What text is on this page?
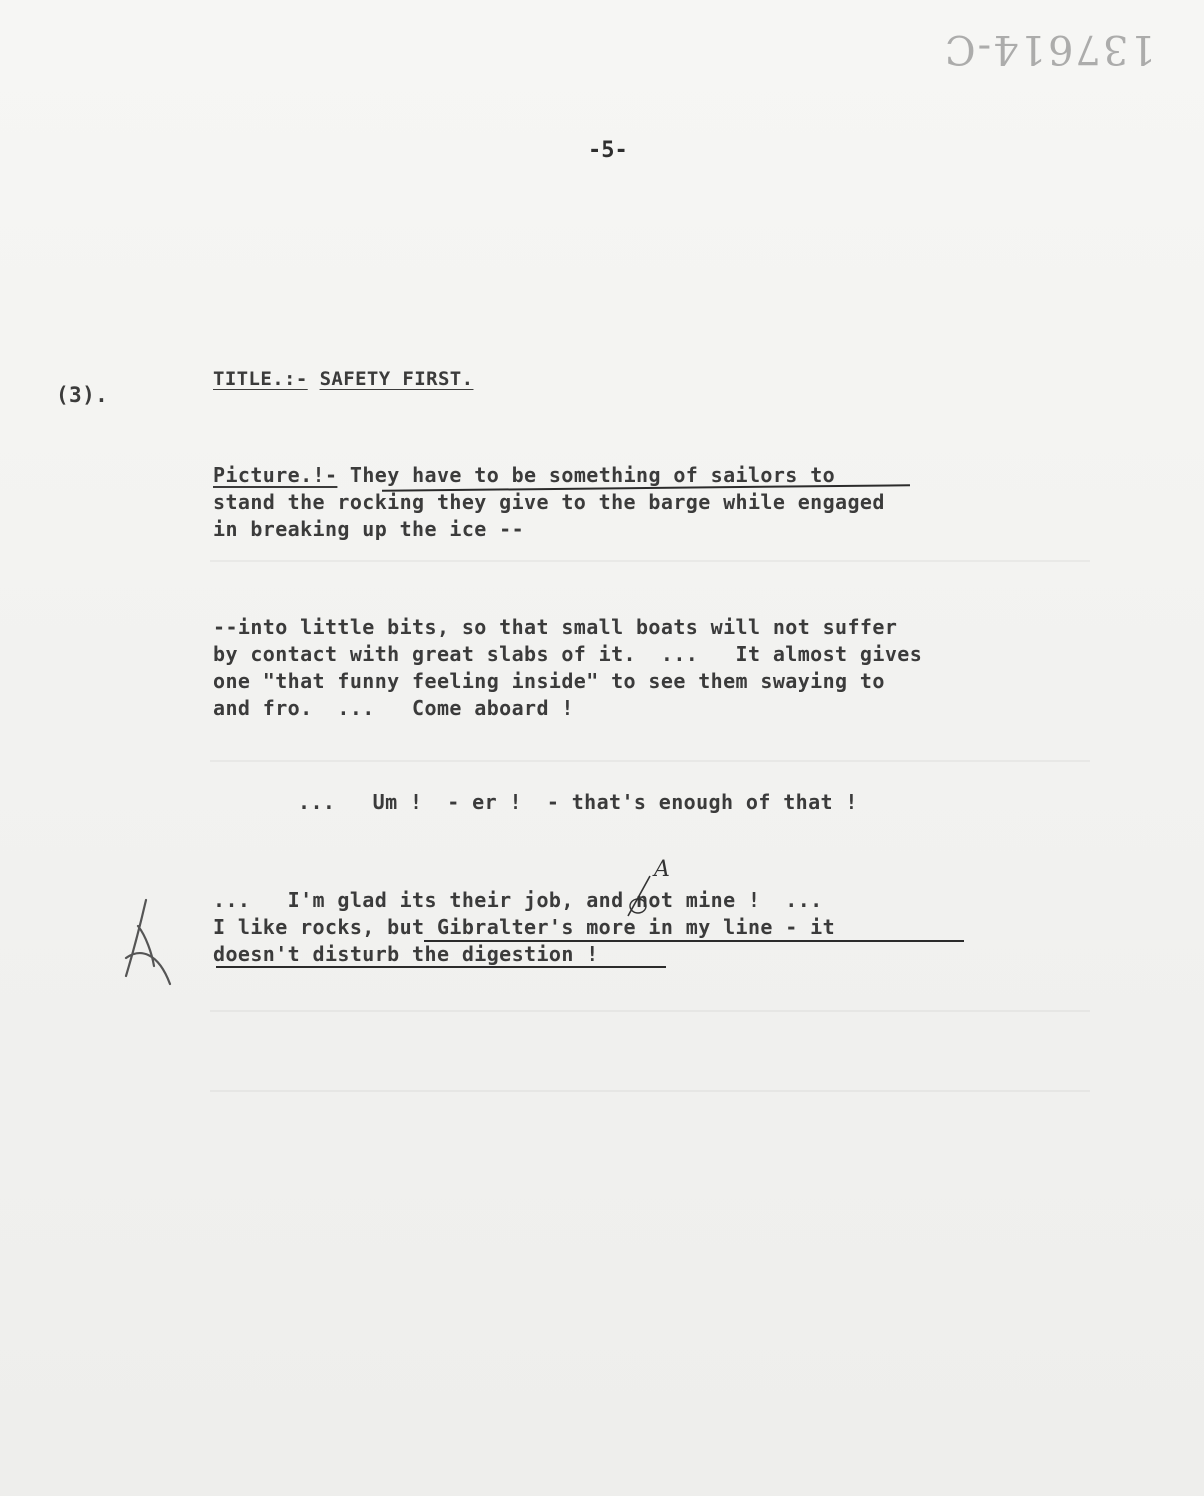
137614-C
-5-
(3).
TITLE.:- SAFETY FIRST.
Picture.!- They have to be something of sailors to
stand the rocking they give to the barge while engaged
in breaking up the ice --
--into little bits, so that small boats will not suffer
by contact with great slabs of it.  ...   It almost gives
one "that funny feeling inside" to see them swaying to
and fro.  ...   Come aboard !
...   Um !  - er !  - that's enough of that !
A
...   I'm glad its their job, and not mine !  ...
I like rocks, but Gibralter's more in my line - it
doesn't disturb the digestion !
